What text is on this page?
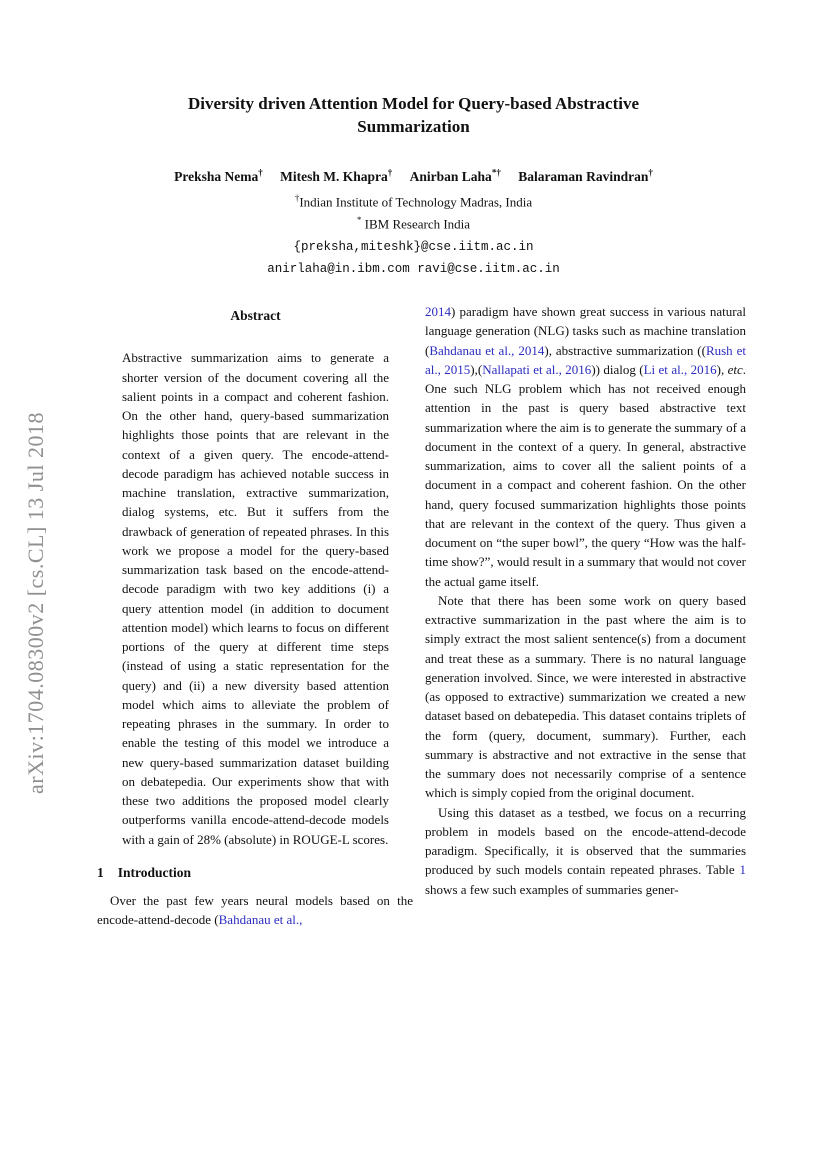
arXiv:1704.08300v2 [cs.CL] 13 Jul 2018
Diversity driven Attention Model for Query-based Abstractive
Summarization
Preksha Nema† Mitesh M. Khapra† Anirban Laha*† Balaraman Ravindran†
†Indian Institute of Technology Madras, India
* IBM Research India
{preksha,miteshk}@cse.iitm.ac.in
anirlaha@in.ibm.com ravi@cse.iitm.ac.in
Abstract

Abstractive summarization aims to generate a shorter version of the document covering all the salient points in a compact and coherent fashion. On the other hand, query-based summarization highlights those points that are relevant in the context of a given query. The encode-attend-decode paradigm has achieved notable success in machine translation, extractive summarization, dialog systems, etc. But it suffers from the drawback of generation of repeated phrases. In this work we propose a model for the query-based summarization task based on the encode-attend-decode paradigm with two key additions (i) a query attention model (in addition to document attention model) which learns to focus on different portions of the query at different time steps (instead of using a static representation for the query) and (ii) a new diversity based attention model which aims to alleviate the problem of repeating phrases in the summary. In order to enable the testing of this model we introduce a new query-based summarization dataset building on debatepedia. Our experiments show that with these two additions the proposed model clearly outperforms vanilla encode-attend-decode models with a gain of 28% (absolute) in ROUGE-L scores.

1 Introduction

Over the past few years neural models based on the encode-attend-decode (Bahdanau et al.,

2014) paradigm have shown great success in various natural language generation (NLG) tasks such as machine translation (Bahdanau et al., 2014), abstractive summarization ((Rush et al., 2015),(Nallapati et al., 2016)) dialog (Li et al., 2016), etc. One such NLG problem which has not received enough attention in the past is query based abstractive text summarization where the aim is to generate the summary of a document in the context of a query. In general, abstractive summarization, aims to cover all the salient points of a document in a compact and coherent fashion. On the other hand, query focused summarization highlights those points that are relevant in the context of the query. Thus given a document on “the super bowl”, the query “How was the half-time show?”, would result in a summary that would not cover the actual game itself.

Note that there has been some work on query based extractive summarization in the past where the aim is to simply extract the most salient sentence(s) from a document and treat these as a summary. There is no natural language generation involved. Since, we were interested in abstractive (as opposed to extractive) summarization we created a new dataset based on debatepedia. This dataset contains triplets of the form (query, document, summary). Further, each summary is abstractive and not extractive in the sense that the summary does not necessarily comprise of a sentence which is simply copied from the original document.

Using this dataset as a testbed, we focus on a recurring problem in models based on the encode-attend-decode paradigm. Specifically, it is observed that the summaries produced by such models contain repeated phrases. Table 1 shows a few such examples of summaries gener-
